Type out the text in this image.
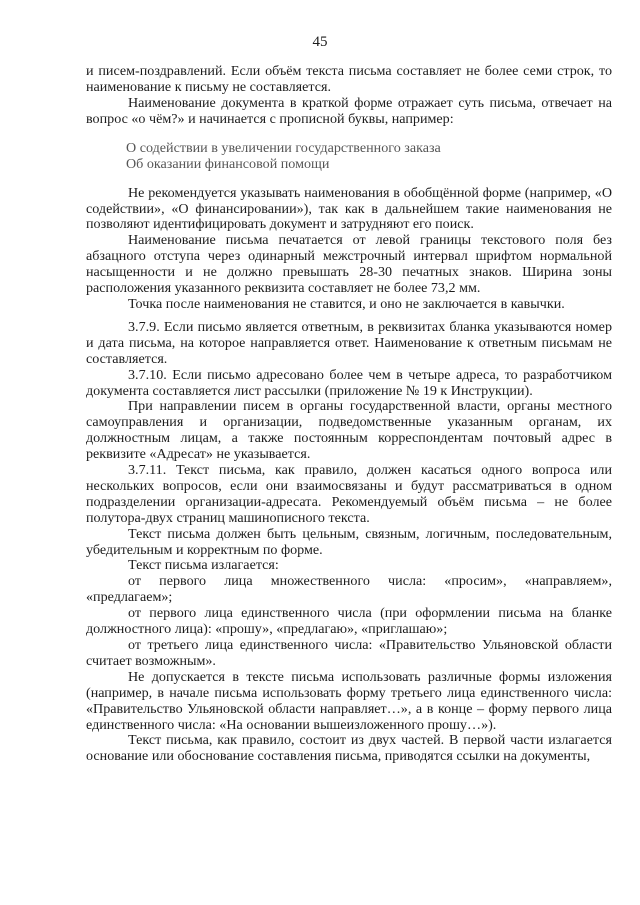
45

и писем-поздравлений. Если объём текста письма составляет не более семи строк, то наименование к письму не составляется.

Наименование документа в краткой форме отражает суть письма, отвечает на вопрос «о чём?» и начинается с прописной буквы, например:

О содействии в увеличении государственного заказа
Об оказании финансовой помощи

Не рекомендуется указывать наименования в обобщённой форме (например, «О содействии», «О финансировании»), так как в дальнейшем такие наименования не позволяют идентифицировать документ и затрудняют его поиск.

Наименование письма печатается от левой границы текстового поля без абзацного отступа через одинарный межстрочный интервал шрифтом нормальной насыщенности и не должно превышать 28-30 печатных знаков. Ширина зоны расположения указанного реквизита составляет не более 73,2 мм.

Точка после наименования не ставится, и оно не заключается в кавычки.

3.7.9. Если письмо является ответным, в реквизитах бланка указываются номер и дата письма, на которое направляется ответ. Наименование к ответным письмам не составляется.

3.7.10. Если письмо адресовано более чем в четыре адреса, то разработчиком документа составляется лист рассылки (приложение № 19 к Инструкции).

При направлении писем в органы государственной власти, органы местного самоуправления и организации, подведомственные указанным органам, их должностным лицам, а также постоянным корреспондентам почтовый адрес в реквизите «Адресат» не указывается.

3.7.11. Текст письма, как правило, должен касаться одного вопроса или нескольких вопросов, если они взаимосвязаны и будут рассматриваться в одном подразделении организации-адресата. Рекомендуемый объём письма – не более полутора-двух страниц машинописного текста.

Текст письма должен быть цельным, связным, логичным, последовательным, убедительным и корректным по форме.

Текст письма излагается:

от первого лица множественного числа: «просим», «направляем», «предлагаем»;

от первого лица единственного числа (при оформлении письма на бланке должностного лица): «прошу», «предлагаю», «приглашаю»;

от третьего лица единственного числа: «Правительство Ульяновской области считает возможным».

Не допускается в тексте письма использовать различные формы изложения (например, в начале письма использовать форму третьего лица единственного числа: «Правительство Ульяновской области направляет…», а в конце – форму первого лица единственного числа: «На основании вышеизложенного прошу…»).

Текст письма, как правило, состоит из двух частей. В первой части излагается основание или обоснование составления письма, приводятся ссылки на документы,
